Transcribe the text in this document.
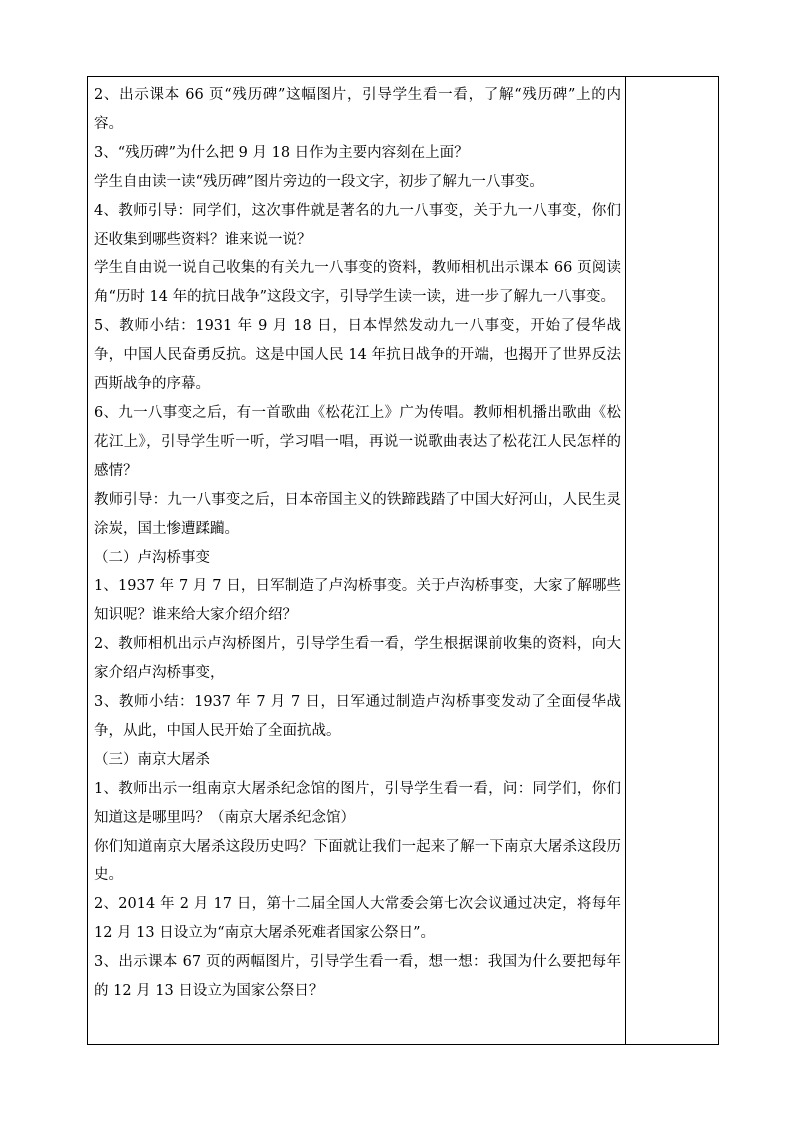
2、出示课本 66 页“残历碑”这幅图片，引导学生看一看，了解“残历碑”上的内容。

3、“残历碑”为什么把 9 月 18 日作为主要内容刻在上面？

学生自由读一读“残历碑”图片旁边的一段文字，初步了解九一八事变。

4、教师引导：同学们，这次事件就是著名的九一八事变，关于九一八事变，你们还收集到哪些资料？谁来说一说？

学生自由说一说自己收集的有关九一八事变的资料，教师相机出示课本 66 页阅读角“历时 14 年的抗日战争”这段文字，引导学生读一读，进一步了解九一八事变。

5、教师小结：1931 年 9 月 18 日，日本悍然发动九一八事变，开始了侵华战争，中国人民奋勇反抗。这是中国人民 14 年抗日战争的开端，也揭开了世界反法西斯战争的序幕。

6、九一八事变之后，有一首歌曲《松花江上》广为传唱。教师相机播出歌曲《松花江上》，引导学生听一听，学习唱一唱，再说一说歌曲表达了松花江人民怎样的感情？

教师引导：九一八事变之后，日本帝国主义的铁蹄践踏了中国大好河山，人民生灵涂炭，国土惨遭蹂躏。

（二）卢沟桥事变

1、1937 年 7 月 7 日，日军制造了卢沟桥事变。关于卢沟桥事变，大家了解哪些知识呢？谁来给大家介绍介绍？

2、教师相机出示卢沟桥图片，引导学生看一看，学生根据课前收集的资料，向大家介绍卢沟桥事变，

3、教师小结：1937 年 7 月 7 日，日军通过制造卢沟桥事变发动了全面侵华战争，从此，中国人民开始了全面抗战。

（三）南京大屠杀

1、教师出示一组南京大屠杀纪念馆的图片，引导学生看一看，问：同学们，你们知道这是哪里吗？（南京大屠杀纪念馆）

你们知道南京大屠杀这段历史吗？下面就让我们一起来了解一下南京大屠杀这段历史。

2、2014 年 2 月 17 日，第十二届全国人大常委会第七次会议通过决定，将每年 12 月 13 日设立为“南京大屠杀死难者国家公祭日”。

3、出示课本 67 页的两幅图片，引导学生看一看，想一想：我国为什么要把每年的 12 月 13 日设立为国家公祭日？
